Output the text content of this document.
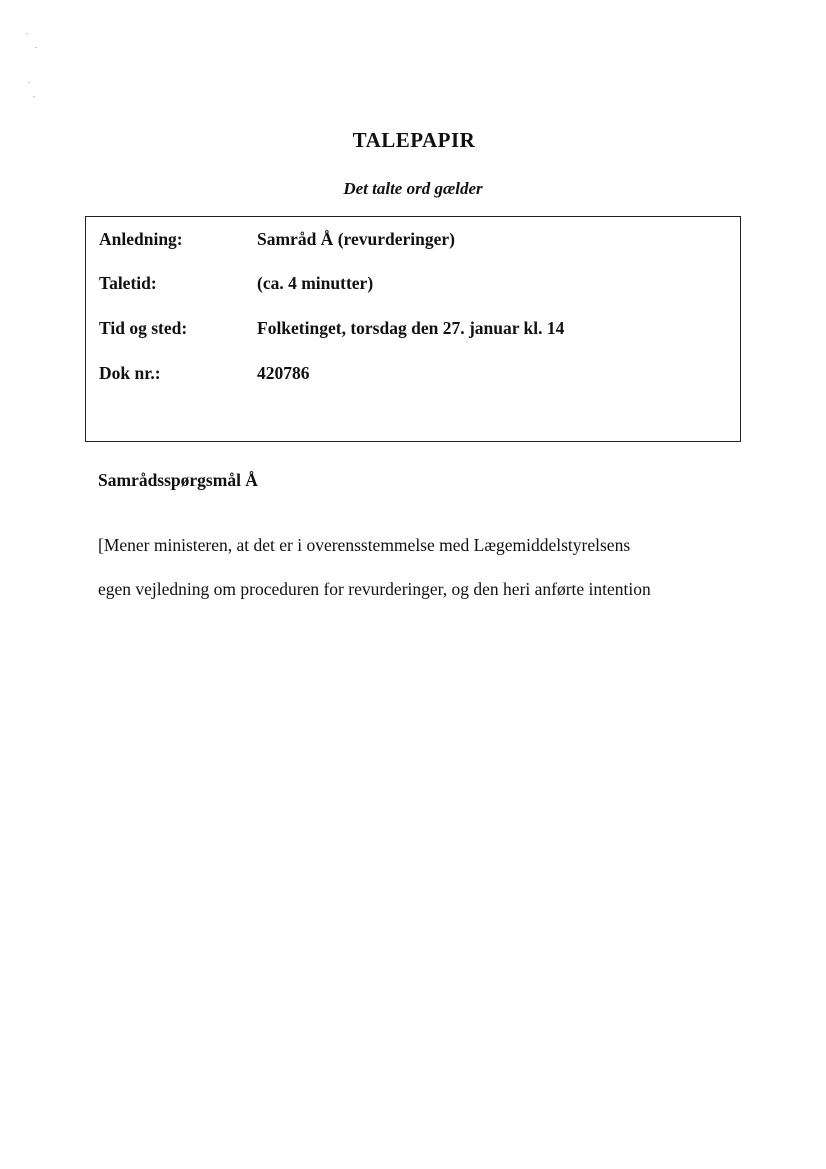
TALEPAPIR
Det talte ord gælder
Anledning:	Samråd Å (revurderinger)
Taletid:	(ca. 4 minutter)
Tid og sted:	Folketinget, torsdag den 27. januar kl. 14
Dok nr.:	420786
Samrådsspørgsmål Å
[Mener ministeren, at det er i overensstemmelse med Lægemiddelstyrelsens
egen vejledning om proceduren for revurderinger, og den heri anførte intention
